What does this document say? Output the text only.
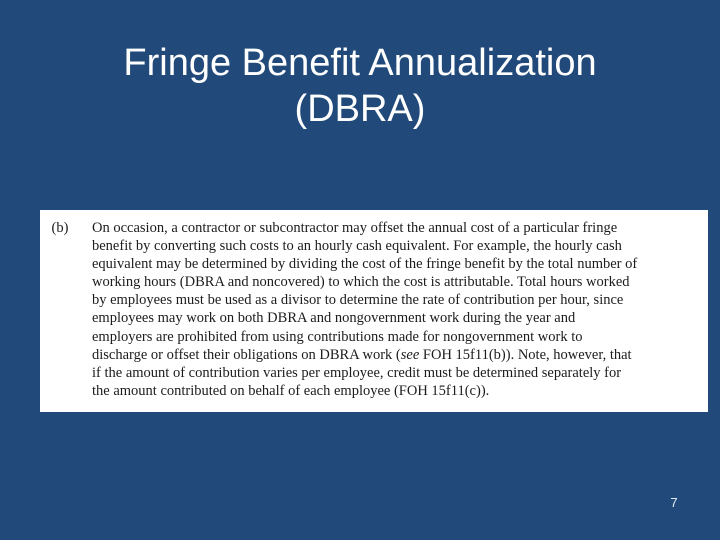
Fringe Benefit Annualization
(DBRA)
(b)	On occasion, a contractor or subcontractor may offset the annual cost of a particular fringe
benefit by converting such costs to an hourly cash equivalent. For example, the hourly cash
equivalent may be determined by dividing the cost of the fringe benefit by the total number of
working hours (DBRA and noncovered) to which the cost is attributable. Total hours worked
by employees must be used as a divisor to determine the rate of contribution per hour, since
employees may work on both DBRA and nongovernment work during the year and
employers are prohibited from using contributions made for nongovernment work to
discharge or offset their obligations on DBRA work (see FOH 15f11(b)). Note, however, that
if the amount of contribution varies per employee, credit must be determined separately for
the amount contributed on behalf of each employee (FOH 15f11(c)).
7
